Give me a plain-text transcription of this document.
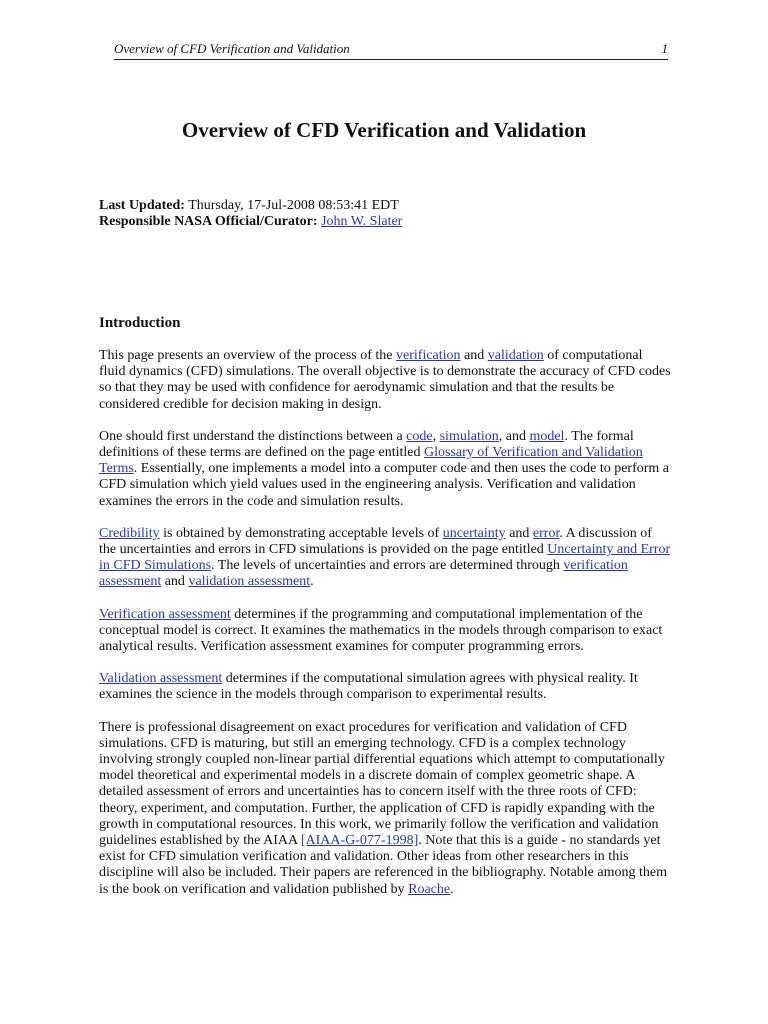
Overview of CFD Verification and Validation	1
Overview of CFD Verification and Validation
Last Updated: Thursday, 17-Jul-2008 08:53:41 EDT
Responsible NASA Official/Curator: John W. Slater
Introduction

This page presents an overview of the process of the verification and validation of computational fluid dynamics (CFD) simulations. The overall objective is to demonstrate the accuracy of CFD codes so that they may be used with confidence for aerodynamic simulation and that the results be considered credible for decision making in design.

One should first understand the distinctions between a code, simulation, and model. The formal definitions of these terms are defined on the page entitled Glossary of Verification and Validation Terms. Essentially, one implements a model into a computer code and then uses the code to perform a CFD simulation which yield values used in the engineering analysis. Verification and validation examines the errors in the code and simulation results.

Credibility is obtained by demonstrating acceptable levels of uncertainty and error. A discussion of the uncertainties and errors in CFD simulations is provided on the page entitled Uncertainty and Error in CFD Simulations. The levels of uncertainties and errors are determined through verification assessment and validation assessment.

Verification assessment determines if the programming and computational implementation of the conceptual model is correct. It examines the mathematics in the models through comparison to exact analytical results. Verification assessment examines for computer programming errors.

Validation assessment determines if the computational simulation agrees with physical reality. It examines the science in the models through comparison to experimental results.

There is professional disagreement on exact procedures for verification and validation of CFD simulations. CFD is maturing, but still an emerging technology. CFD is a complex technology involving strongly coupled non-linear partial differential equations which attempt to computationally model theoretical and experimental models in a discrete domain of complex geometric shape. A detailed assessment of errors and uncertainties has to concern itself with the three roots of CFD: theory, experiment, and computation. Further, the application of CFD is rapidly expanding with the growth in computational resources. In this work, we primarily follow the verification and validation guidelines established by the AIAA [AIAA-G-077-1998]. Note that this is a guide - no standards yet exist for CFD simulation verification and validation. Other ideas from other researchers in this discipline will also be included. Their papers are referenced in the bibliography. Notable among them is the book on verification and validation published by Roache.
